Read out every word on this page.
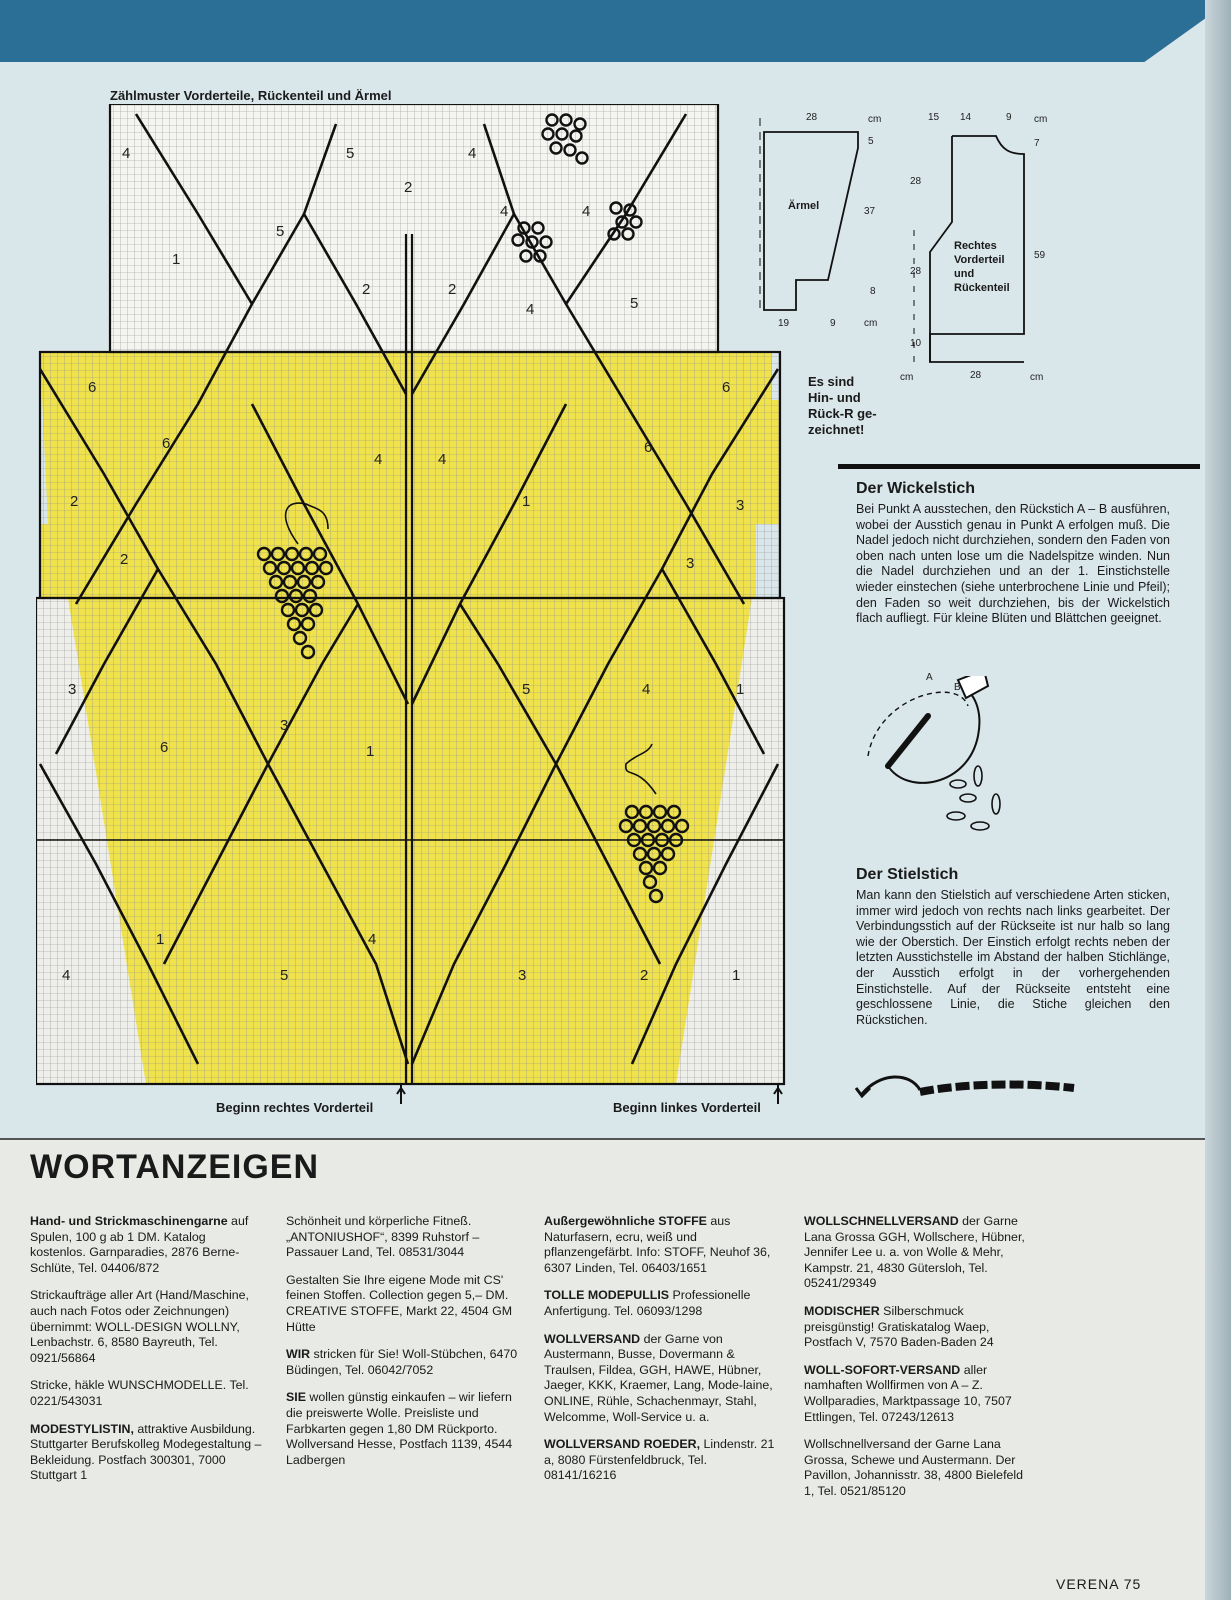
Zählmuster Vorderteile, Rückenteil und Ärmel
4	5	4
2
5
1
2	2
4	4
4	5
6
6
4	4
6
6
2	1	3
2	3
3	5	4	1
6
3
1
1	4
5
4	3	2	1
Beginn rechtes Vorderteil	Beginn linkes Vorderteil
Ärmel
28	cm
5
37
8
19	9	cm
Rechtes
Vorderteil
und
Rückenteil
15 14	9 cm
7
28
28
10
59
cm	28	cm
Es sind
Hin- und
Rück-R ge-
zeichnet!
Der Wickelstich
Bei Punkt A ausstechen, den Rückstich A – B ausführen, wobei der Ausstich genau in Punkt A erfolgen muß. Die Nadel jedoch nicht durchziehen, sondern den Faden von oben nach unten lose um die Nadelspitze winden. Nun die Nadel durchziehen und an der 1. Einstichstelle wieder einstechen (siehe unterbrochene Linie und Pfeil); den Faden so weit durchziehen, bis der Wickelstich flach aufliegt. Für kleine Blüten und Blättchen geeignet.
A
B
Der Stielstich
Man kann den Stielstich auf verschiedene Arten sticken, immer wird jedoch von rechts nach links gearbeitet. Der Verbindungsstich auf der Rückseite ist nur halb so lang wie der Oberstich. Der Einstich erfolgt rechts neben der letzten Ausstichstelle im Abstand der halben Stichlänge, der Ausstich erfolgt in der vorhergehenden Einstichstelle. Auf der Rückseite entsteht eine geschlossene Linie, die Stiche gleichen den Rückstichen.
WORTANZEIGEN
Hand- und Strickmaschinengarne auf Spulen, 100 g ab 1 DM. Katalog kostenlos. Garnparadies, 2876 Berne-Schlüte, Tel. 04406/872
Strickaufträge aller Art (Hand/Maschine, auch nach Fotos oder Zeichnungen) übernimmt: WOLL-DESIGN WOLLNY, Lenbachstr. 6, 8580 Bayreuth, Tel. 0921/56864
Stricke, häkle WUNSCHMODELLE. Tel. 0221/543031
MODESTYLISTIN, attraktive Ausbildung. Stuttgarter Berufskolleg Modegestaltung – Bekleidung. Postfach 300301, 7000 Stuttgart 1
Schönheit und körperliche Fitneß. „ANTONIUSHOF“, 8399 Ruhstorf – Passauer Land, Tel. 08531/3044
Gestalten Sie Ihre eigene Mode mit CS' feinen Stoffen. Collection gegen 5,– DM. CREATIVE STOFFE, Markt 22, 4504 GM Hütte
WIR stricken für Sie! Woll-Stübchen, 6470 Büdingen, Tel. 06042/7052
SIE wollen günstig einkaufen – wir liefern die preiswerte Wolle. Preisliste und Farbkarten gegen 1,80 DM Rückporto. Wollversand Hesse, Postfach 1139, 4544 Ladbergen
Außergewöhnliche STOFFE aus Naturfasern, ecru, weiß und pflanzengefärbt. Info: STOFF, Neuhof 36, 6307 Linden, Tel. 06403/1651
TOLLE MODEPULLIS Professionelle Anfertigung. Tel. 06093/1298
WOLLVERSAND der Garne von Austermann, Busse, Dovermann & Traulsen, Fildea, GGH, HAWE, Hübner, Jaeger, KKK, Kraemer, Lang, Mode-laine, ONLINE, Rühle, Schachenmayr, Stahl, Welcomme, Woll-Service u. a.
WOLLVERSAND ROEDER, Lindenstr. 21 a, 8080 Fürstenfeldbruck, Tel. 08141/16216
WOLLSCHNELLVERSAND der Garne Lana Grossa GGH, Wollschere, Hübner, Jennifer Lee u. a. von Wolle & Mehr, Kampstr. 21, 4830 Gütersloh, Tel. 05241/29349
MODISCHER Silberschmuck preisgünstig! Gratiskatalog Waep, Postfach V, 7570 Baden-Baden 24
WOLL-SOFORT-VERSAND aller namhaften Wollfirmen von A – Z. Wollparadies, Marktpassage 10, 7507 Ettlingen, Tel. 07243/12613
Wollschnellversand der Garne Lana Grossa, Schewe und Austermann. Der Pavillon, Johannisstr. 38, 4800 Bielefeld 1, Tel. 0521/85120
VERENA 75
